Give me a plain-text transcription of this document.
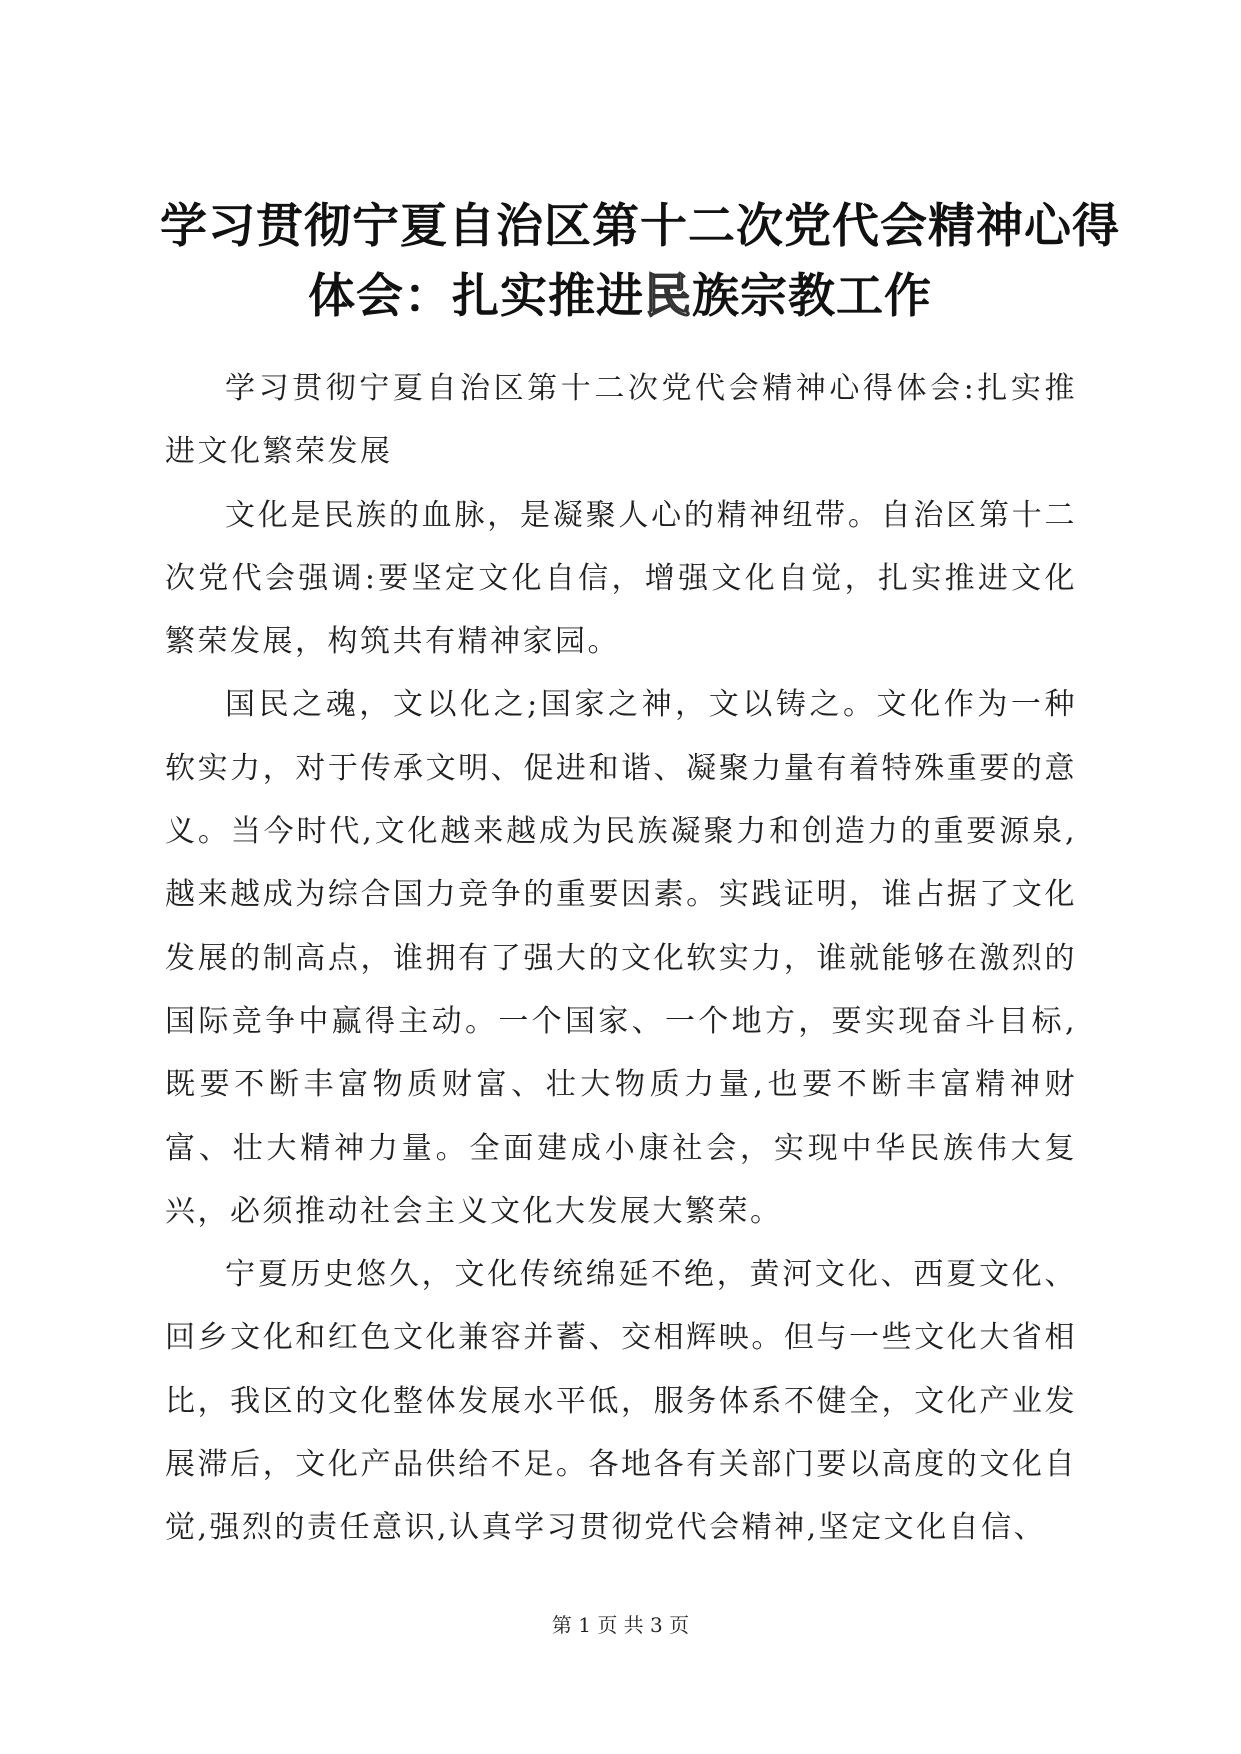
学习贯彻宁夏自治区第十二次党代会精神心得
体会：扎实推进民族宗教工作

学习贯彻宁夏自治区第十二次党代会精神心得体会:扎实推进文化繁荣发展

文化是民族的血脉，是凝聚人心的精神纽带。自治区第十二次党代会强调:要坚定文化自信，增强文化自觉，扎实推进文化繁荣发展，构筑共有精神家园。

国民之魂，文以化之;国家之神，文以铸之。文化作为一种软实力，对于传承文明、促进和谐、凝聚力量有着特殊重要的意义。当今时代,文化越来越成为民族凝聚力和创造力的重要源泉,越来越成为综合国力竞争的重要因素。实践证明，谁占据了文化发展的制高点，谁拥有了强大的文化软实力，谁就能够在激烈的国际竞争中赢得主动。一个国家、一个地方，要实现奋斗目标,既要不断丰富物质财富、壮大物质力量,也要不断丰富精神财富、壮大精神力量。全面建成小康社会，实现中华民族伟大复兴，必须推动社会主义文化大发展大繁荣。

宁夏历史悠久，文化传统绵延不绝，黄河文化、西夏文化、回乡文化和红色文化兼容并蓄、交相辉映。但与一些文化大省相比，我区的文化整体发展水平低，服务体系不健全，文化产业发展滞后，文化产品供给不足。各地各有关部门要以高度的文化自觉,强烈的责任意识,认真学习贯彻党代会精神,坚定文化自信、

第 1 页 共 3 页
